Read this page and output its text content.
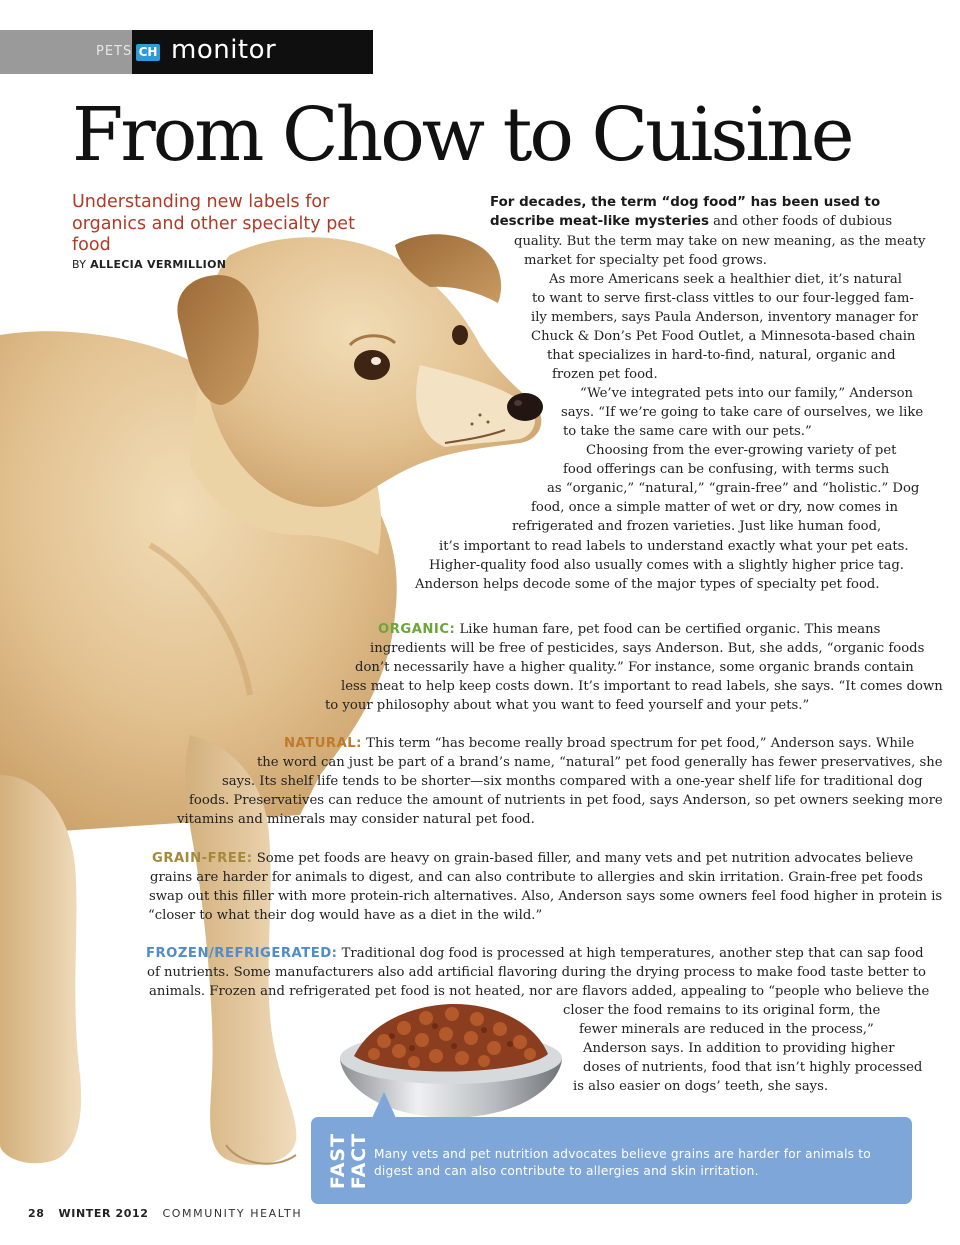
PETS CH monitor
From Chow to Cuisine
Understanding new labels for organics and other specialty pet food
BY ALLECIA VERMILLION
For decades, the term “dog food” has been used to
describe meat-like mysteries and other foods of dubious
quality. But the term may take on new meaning, as the meaty
market for specialty pet food grows.
As more Americans seek a healthier diet, it’s natural
to want to serve first-class vittles to our four-legged fam-
ily members, says Paula Anderson, inventory manager for
Chuck & Don’s Pet Food Outlet, a Minnesota-based chain
that specializes in hard-to-find, natural, organic and
frozen pet food.
“We’ve integrated pets into our family,” Anderson
says. “If we’re going to take care of ourselves, we like
to take the same care with our pets.”
Choosing from the ever-growing variety of pet
food offerings can be confusing, with terms such
as “organic,” “natural,” “grain-free” and “holistic.” Dog
food, once a simple matter of wet or dry, now comes in
refrigerated and frozen varieties. Just like human food,
it’s important to read labels to understand exactly what your pet eats.
Higher-quality food also usually comes with a slightly higher price tag.
Anderson helps decode some of the major types of specialty pet food.
ORGANIC: Like human fare, pet food can be certified organic. This means
ingredients will be free of pesticides, says Anderson. But, she adds, “organic foods
don’t necessarily have a higher quality.” For instance, some organic brands contain
less meat to help keep costs down. It’s important to read labels, she says. “It comes down
to your philosophy about what you want to feed yourself and your pets.”
NATURAL: This term “has become really broad spectrum for pet food,” Anderson says. While
the word can just be part of a brand’s name, “natural” pet food generally has fewer preservatives, she
says. Its shelf life tends to be shorter—six months compared with a one-year shelf life for traditional dog
foods. Preservatives can reduce the amount of nutrients in pet food, says Anderson, so pet owners seeking more
vitamins and minerals may consider natural pet food.
GRAIN-FREE: Some pet foods are heavy on grain-based filler, and many vets and pet nutrition advocates believe
grains are harder for animals to digest, and can also contribute to allergies and skin irritation. Grain-free pet foods
swap out this filler with more protein-rich alternatives. Also, Anderson says some owners feel food higher in protein is
“closer to what their dog would have as a diet in the wild.”
FROZEN/REFRIGERATED: Traditional dog food is processed at high temperatures, another step that can sap food
of nutrients. Some manufacturers also add artificial flavoring during the drying process to make food taste better to
animals. Frozen and refrigerated pet food is not heated, nor are flavors added, appealing to “people who believe the
closer the food remains to its original form, the
fewer minerals are reduced in the process,”
Anderson says. In addition to providing higher
doses of nutrients, food that isn’t highly processed
is also easier on dogs’ teeth, she says.
FAST FACT Many vets and pet nutrition advocates believe grains are harder for animals to digest and can also contribute to allergies and skin irritation.
28 WINTER 2012 COMMUNITY HEALTH
